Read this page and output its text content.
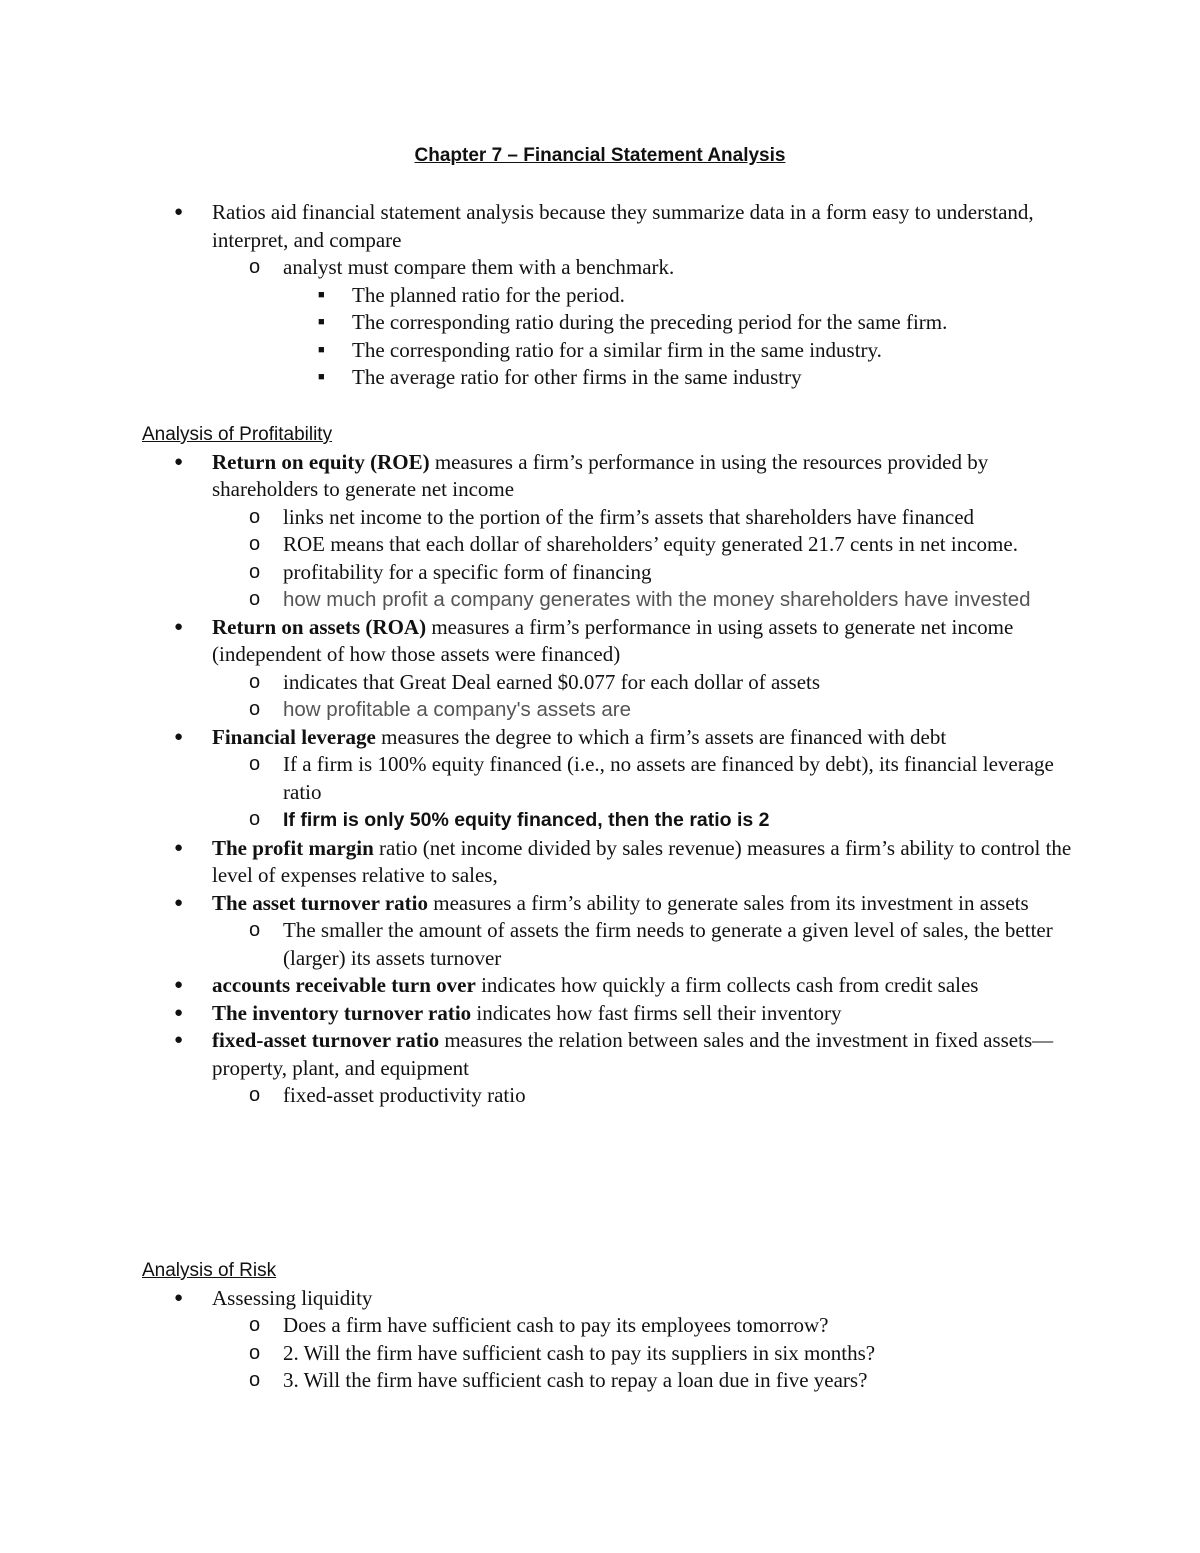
Chapter 7 – Financial Statement Analysis
● Ratios aid financial statement analysis because they summarize data in a form easy to understand, interpret, and compare
o analyst must compare them with a benchmark.
■ The planned ratio for the period.
■ The corresponding ratio during the preceding period for the same firm.
■ The corresponding ratio for a similar firm in the same industry.
■ The average ratio for other firms in the same industry
Analysis of Profitability
● Return on equity (ROE) measures a firm’s performance in using the resources provided by shareholders to generate net income
o links net income to the portion of the firm’s assets that shareholders have financed
o ROE means that each dollar of shareholders’ equity generated 21.7 cents in net income.
o profitability for a specific form of financing
o how much profit a company generates with the money shareholders have invested
● Return on assets (ROA) measures a firm’s performance in using assets to generate net income (independent of how those assets were financed)
o indicates that Great Deal earned $0.077 for each dollar of assets
o how profitable a company's assets are
● Financial leverage measures the degree to which a firm’s assets are financed with debt
o If a firm is 100% equity financed (i.e., no assets are financed by debt), its financial leverage ratio
o If firm is only 50% equity financed, then the ratio is 2
● The profit margin ratio (net income divided by sales revenue) measures a firm’s ability to control the level of expenses relative to sales,
● The asset turnover ratio measures a firm’s ability to generate sales from its investment in assets
o The smaller the amount of assets the firm needs to generate a given level of sales, the better (larger) its assets turnover
● accounts receivable turn over indicates how quickly a firm collects cash from credit sales
● The inventory turnover ratio indicates how fast firms sell their inventory
● fixed-asset turnover ratio measures the relation between sales and the investment in fixed assets—property, plant, and equipment
o fixed-asset productivity ratio
Analysis of Risk
● Assessing liquidity
o Does a firm have sufficient cash to pay its employees tomorrow?
o 2. Will the firm have sufficient cash to pay its suppliers in six months?
o 3. Will the firm have sufficient cash to repay a loan due in five years?
